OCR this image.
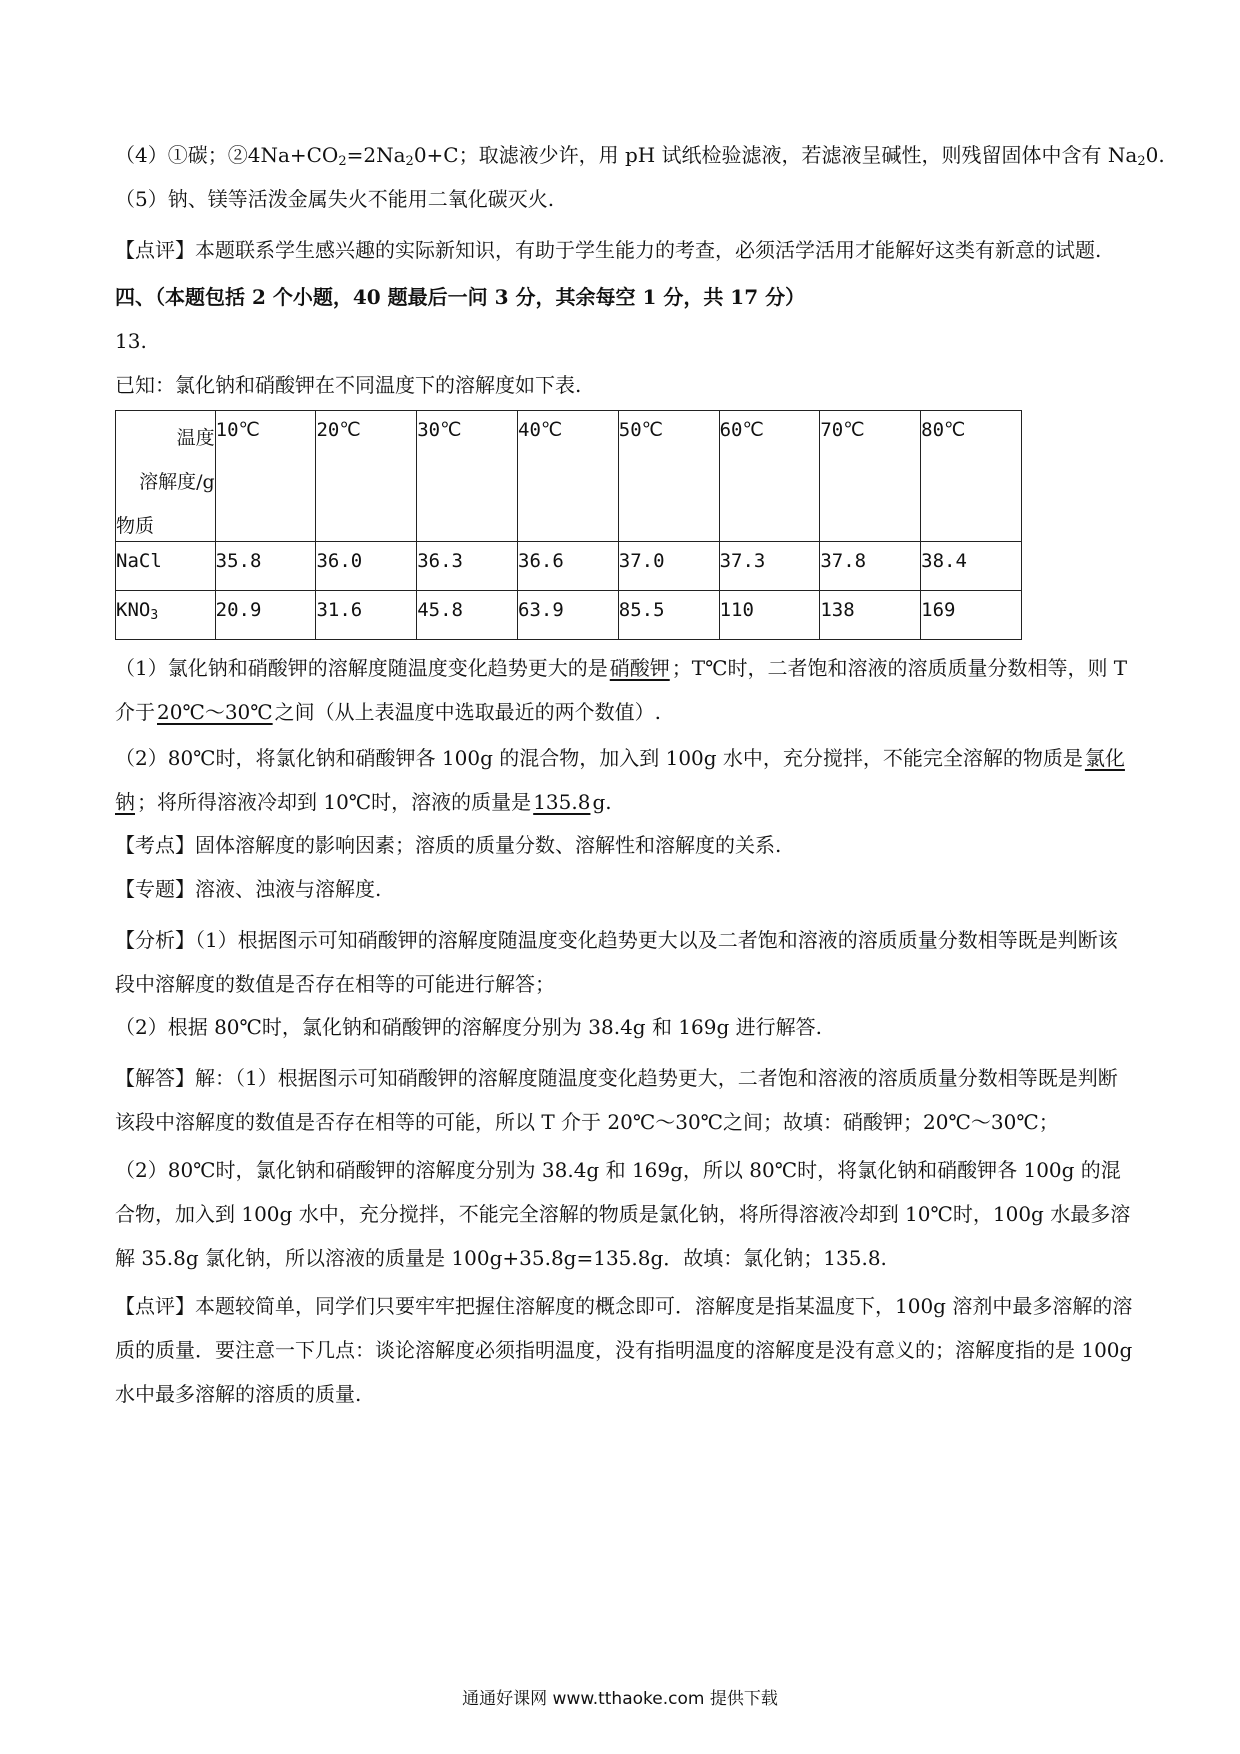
（4）①碳；$②4Na+CO_2=2Na_20+C$；取滤液少许，用 pH 试纸检验滤液，若滤液呈碱性，则残留固体中含有 $Na_20$.

（5）钠、镁等活泼金属失火不能用二氧化碳灭火.

【点评】本题联系学生感兴趣的实际新知识，有助于学生能力的考查，必须活学活用才能解好这类有新意的试题.

四、（本题包括 2 个小题，40 题最后一问 3 分，其余每空 1 分，共 17 分）

13.

已知：氯化钠和硝酸钾在不同温度下的溶解度如下表.

温度
溶解度/g
物质	10℃	20℃	30℃	40℃	50℃	60℃	70℃	80℃
NaCl	35.8	36.0	36.3	36.6	37.0	37.3	37.8	38.4
$KNO_3$	20.9	31.6	45.8	63.9	85.5	110	138	169

（1）氯化钠和硝酸钾的溶解度随温度变化趋势更大的是 硝酸钾 ；T℃时，二者饱和溶液的溶质质量分数相等，则 T 介于 20℃～30℃ 之间（从上表温度中选取最近的两个数值）.

（2）80℃时，将氯化钠和硝酸钾各 100g 的混合物，加入到 100g 水中，充分搅拌，不能完全溶解的物质是 氯化钠 ；将所得溶液冷却到 10℃时，溶液的质量是 135.8 g.

【考点】固体溶解度的影响因素；溶质的质量分数、溶解性和溶解度的关系.

【专题】溶液、浊液与溶解度.

【分析】（1）根据图示可知硝酸钾的溶解度随温度变化趋势更大以及二者饱和溶液的溶质质量分数相等既是判断该段中溶解度的数值是否存在相等的可能进行解答；

（2）根据 80℃时，氯化钠和硝酸钾的溶解度分别为 38.4g 和 169g 进行解答.

【解答】解：（1）根据图示可知硝酸钾的溶解度随温度变化趋势更大，二者饱和溶液的溶质质量分数相等既是判断该段中溶解度的数值是否存在相等的可能，所以 T 介于 20℃～30℃之间；故填：硝酸钾；20℃～30℃；

（2）80℃时，氯化钠和硝酸钾的溶解度分别为 38.4g 和 169g，所以 80℃时，将氯化钠和硝酸钾各 100g 的混合物，加入到 100g 水中，充分搅拌，不能完全溶解的物质是氯化钠，将所得溶液冷却到 10℃时，100g 水最多溶解 35.8g 氯化钠，所以溶液的质量是 100g+35.8g=135.8g．故填：氯化钠；135.8.

【点评】本题较简单，同学们只要牢牢把握住溶解度的概念即可．溶解度是指某温度下，100g 溶剂中最多溶解的溶质的质量．要注意一下几点：谈论溶解度必须指明温度，没有指明温度的溶解度是没有意义的；溶解度指的是 100g 水中最多溶解的溶质的质量.

通通好课网 www.tthaoke.com 提供下载
